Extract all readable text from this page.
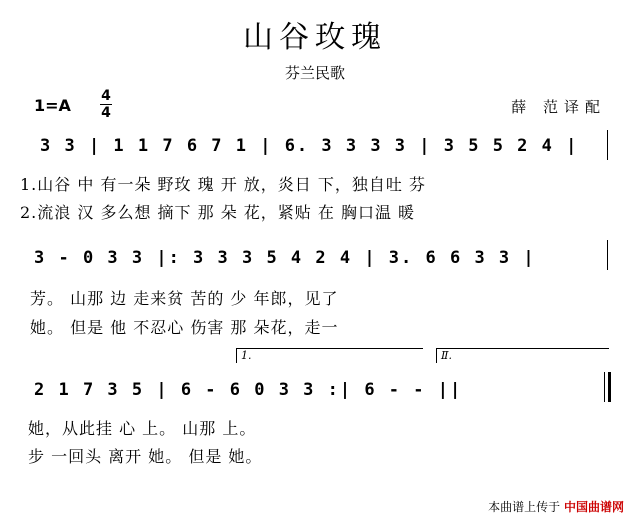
山谷玫瑰
芬兰民歌
1=A 4
4	薛 范译配
3 3 | 1 1 7 6 7 1 | 6. 3 3 3 3 | 3 5 5 2 4 |
1.山谷 中 有一朵 野玫 瑰 开 放，炎日 下，独自吐 芬
2.流浪 汉 多么想 摘下 那 朵 花，紧贴 在 胸口温 暖
3 - 0 3 3 |: 3 3 3 5 4 2 4 | 3. 6 6 3 3 |
芳。 山那 边 走来贫 苦的 少 年郎，见了
她。 但是 他 不忍心 伤害 那 朵花，走一
1.	Ⅱ.
2 1 7 3 5 | 6 - 6 0 3 3 :| 6 - - ||
她，从此挂 心 上。 山那 上。
步 一回头 离开 她。 但是 她。
本曲谱上传于 中国曲谱网
